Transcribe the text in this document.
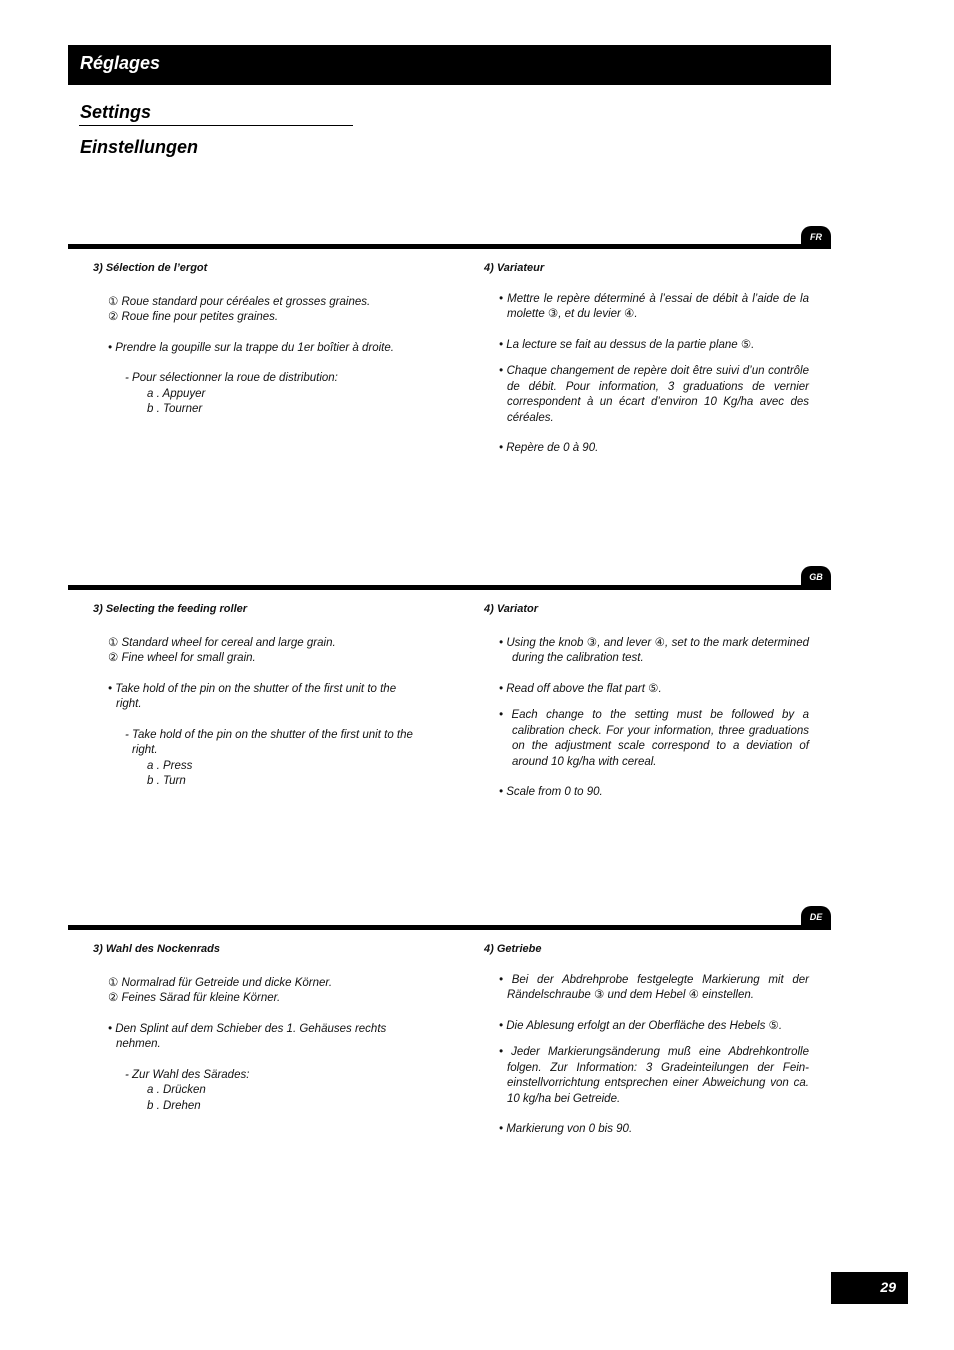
Réglages
Settings
Einstellungen
FR

3) Sélection de l’ergot

① Roue standard pour céréales et grosses graines.

② Roue fine pour petites graines.

• Prendre la goupille sur la trappe du 1er boîtier à droite.

- Pour sélectionner la roue de distribution:

a . Appuyer

b . Tourner

4) Variateur

• Mettre le repère déterminé à l’essai de débit à l’aide de la molette ③, et du levier ④.

• La lecture se fait au dessus de la partie plane ⑤.

• Chaque changement de repère doit être suivi d’un contrôle de débit. Pour information, 3 graduations de vernier correspondent à un écart d’environ 10 Kg/ha avec des céréales.

• Repère de 0 à 90.

GB

3) Selecting the feeding roller

① Standard wheel for cereal and large grain.

② Fine wheel for small grain.

• Take hold of the pin on the shutter of the first unit to the right.

- Take hold of the pin on the shutter of the first unit to the right.

a . Press

b . Turn

4) Variator

• Using the knob ③, and lever ④, set to the mark determined during the calibration test.

• Read off above the flat part ⑤.

• Each change to the setting must be followed by a calibration check. For your information, three graduations on the adjustment scale correspond to a deviation of around 10 kg/ha with cereal.

• Scale from 0 to 90.

DE

3) Wahl des Nockenrads

① Normalrad für Getreide und dicke Körner.

② Feines Särad für kleine Körner.

• Den Splint auf dem Schieber des 1. Gehäuses rechts nehmen.

- Zur Wahl des Särades:

a . Drücken

b . Drehen

4) Getriebe

• Bei der Abdrehprobe festgelegte Markierung mit der Rändelschraube ③ und dem Hebel ④ einstellen.

• Die Ablesung erfolgt an der Oberfläche des Hebels ⑤.

• Jeder Markierungsänderung muß eine Abdrehkontrolle folgen. Zur Information: 3 Gradeinteilungen der Fein-einstellvorrichtung entsprechen einer Abweichung von ca. 10 kg/ha bei Getreide.

• Markierung von 0 bis 90.

29
